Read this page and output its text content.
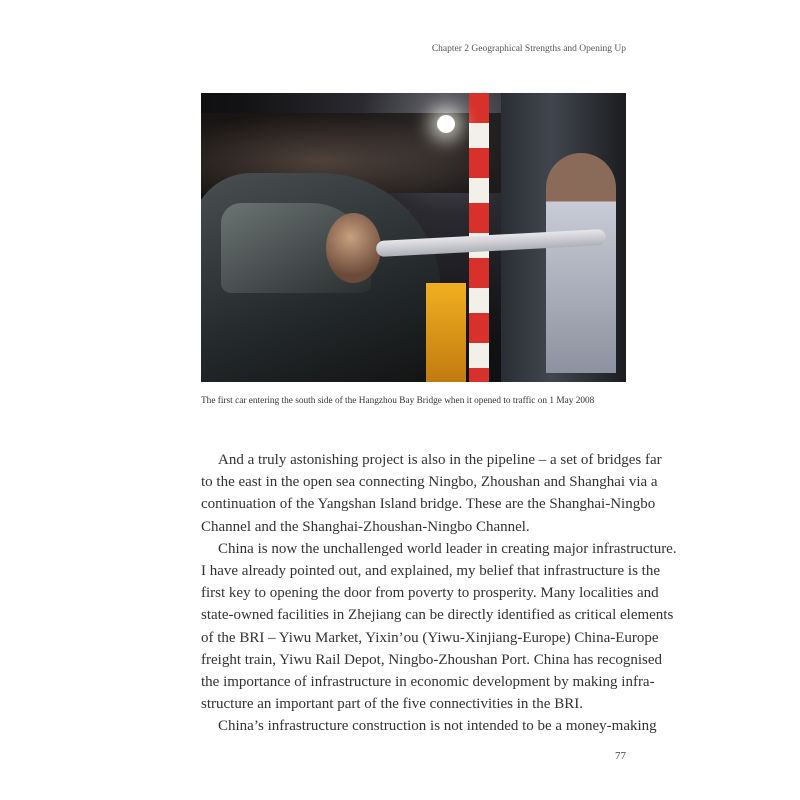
Chapter 2 Geographical Strengths and Opening Up
The first car entering the south side of the Hangzhou Bay Bridge when it opened to traffic on 1 May 2008

And a truly astonishing project is also in the pipeline – a set of bridges far
to the east in the open sea connecting Ningbo, Zhoushan and Shanghai via a
continuation of the Yangshan Island bridge. These are the Shanghai-Ningbo
Channel and the Shanghai-Zhoushan-Ningbo Channel.

China is now the unchallenged world leader in creating major infrastructure.
I have already pointed out, and explained, my belief that infrastructure is the
first key to opening the door from poverty to prosperity. Many localities and
state-owned facilities in Zhejiang can be directly identified as critical elements
of the BRI – Yiwu Market, Yixin’ou (Yiwu-Xinjiang-Europe) China-Europe
freight train, Yiwu Rail Depot, Ningbo-Zhoushan Port. China has recognised
the importance of infrastructure in economic development by making infra-
structure an important part of the five connectivities in the BRI.

China’s infrastructure construction is not intended to be a money-making

77
